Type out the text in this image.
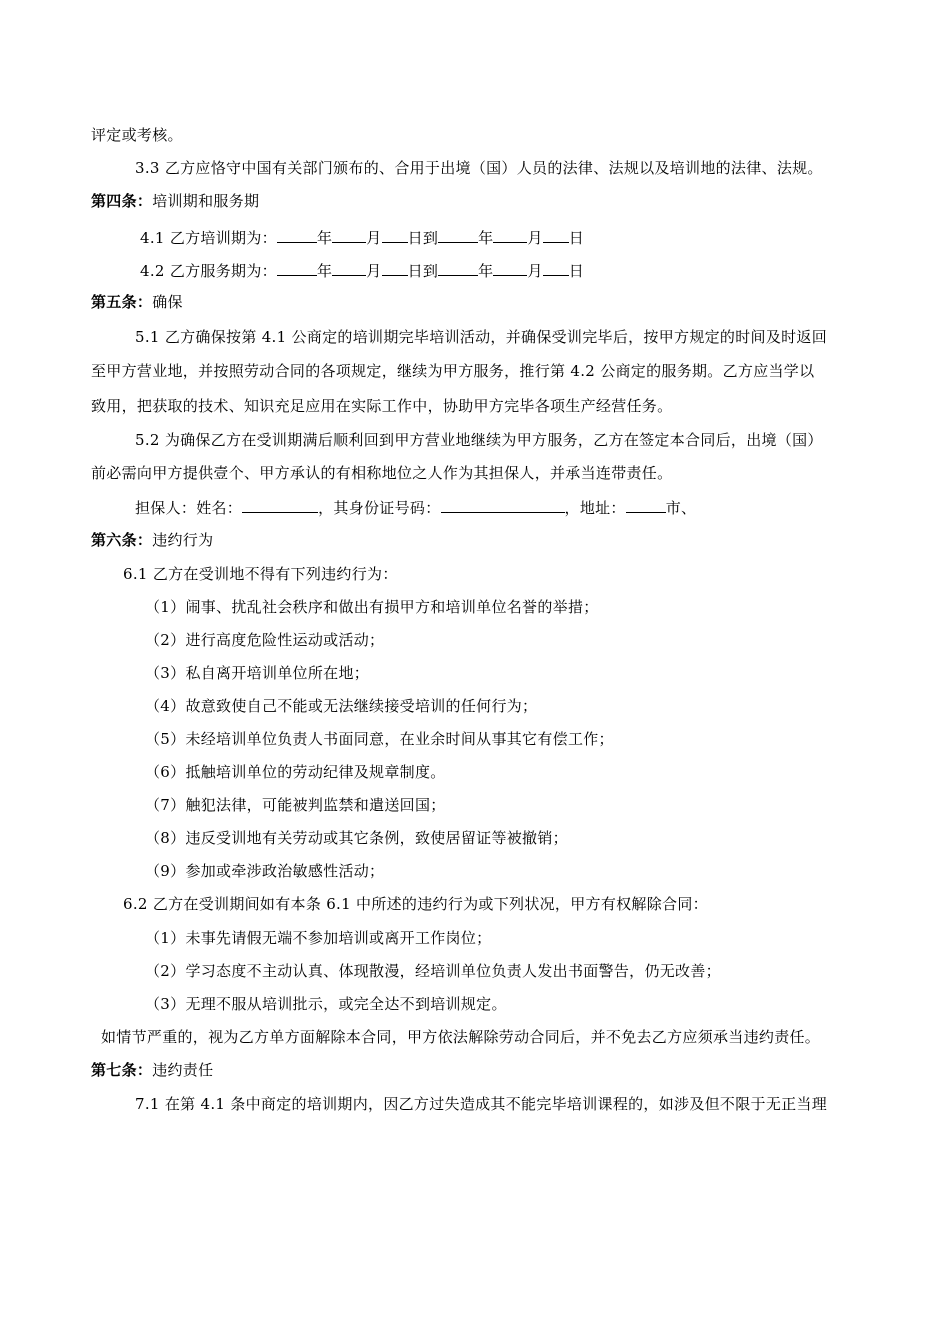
评定或考核。
3.3 乙方应恪守中国有关部门颁布的、合用于出境（国）人员的法律、法规以及培训地的法律、法规。
第四条：培训期和服务期
4.1 乙方培训期为：	年 月 日到	年 月 日
4.2 乙方服务期为：	年 月 日到	年 月 日
第五条：确保
5.1 乙方确保按第 4.1 公商定的培训期完毕培训活动，并确保受训完毕后，按甲方规定的时间及时返回
至甲方营业地，并按照劳动合同的各项规定，继续为甲方服务，推行第 4.2 公商定的服务期。乙方应当学以
致用，把获取的技术、知识充足应用在实际工作中，协助甲方完毕各项生产经营任务。
5.2 为确保乙方在受训期满后顺利回到甲方营业地继续为甲方服务，乙方在签定本合同后，出境（国）
前必需向甲方提供壹个、甲方承认的有相称地位之人作为其担保人，并承当连带责任。
担保人：姓名：	，其身份证号码：	，地址：	市、
第六条：违约行为
6.1 乙方在受训地不得有下列违约行为：
（1）闹事、扰乱社会秩序和做出有损甲方和培训单位名誉的举措；
（2）进行高度危险性运动或活动；
（3）私自离开培训单位所在地；
（4）故意致使自己不能或无法继续接受培训的任何行为；
（5）未经培训单位负责人书面同意，在业余时间从事其它有偿工作；
（6）抵触培训单位的劳动纪律及规章制度。
（7）触犯法律，可能被判监禁和遣送回国；
（8）违反受训地有关劳动或其它条例，致使居留证等被撤销；
（9）参加或牵涉政治敏感性活动；
6.2 乙方在受训期间如有本条 6.1 中所述的违约行为或下列状况，甲方有权解除合同：
（1）未事先请假无端不参加培训或离开工作岗位；
（2）学习态度不主动认真、体现散漫，经培训单位负责人发出书面警告，仍无改善；
（3）无理不服从培训批示，或完全达不到培训规定。
如情节严重的，视为乙方单方面解除本合同，甲方依法解除劳动合同后，并不免去乙方应须承当违约责任。
第七条：违约责任
7.1 在第 4.1 条中商定的培训期内，因乙方过失造成其不能完毕培训课程的，如涉及但不限于无正当理
